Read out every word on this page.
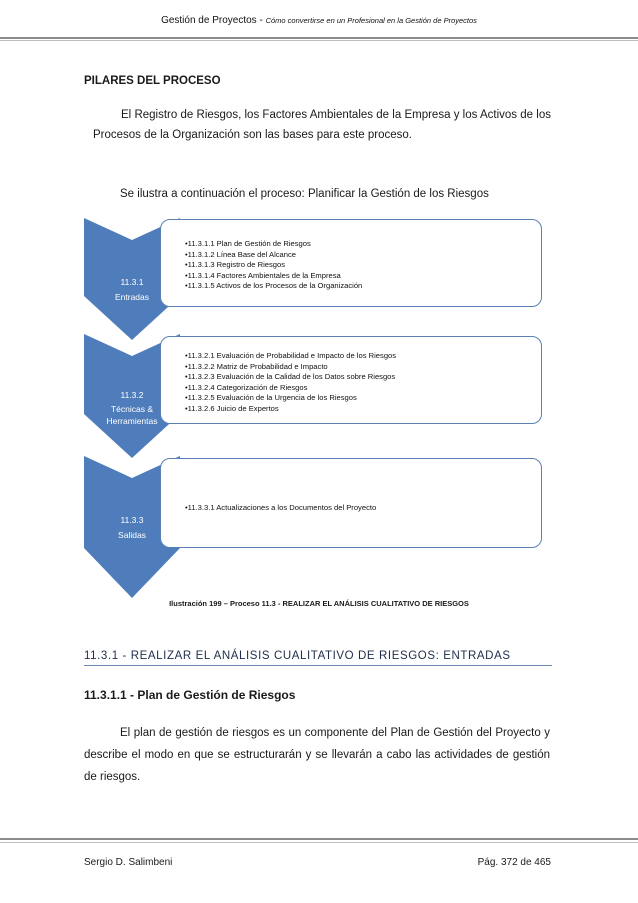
Gestión de Proyectos - Cómo convertirse en un Profesional en la Gestión de Proyectos
PILARES DEL PROCESO
El Registro de Riesgos, los Factores Ambientales de la Empresa y los Activos de los Procesos de la Organización son las bases para este proceso.
Se ilustra a continuación el proceso: Planificar la Gestión de los Riesgos
•11.3.1.1 Plan de Gestión de Riesgos
•11.3.1.2 Línea Base del Alcance
•11.3.1.3 Registro de Riesgos
•11.3.1.4 Factores Ambientales de la Empresa
•11.3.1.5 Activos de los Procesos de la Organización
11.3.1
Entradas
•11.3.2.1 Evaluación de Probabilidad e Impacto de los Riesgos
•11.3.2.2 Matriz de Probabilidad e Impacto
•11.3.2.3 Evaluación de la Calidad de los Datos sobre Riesgos
•11.3.2.4 Categorización de Riesgos
•11.3.2.5 Evaluación de la Urgencia de los Riesgos
•11.3.2.6 Juicio de Expertos
11.3.2
Técnicas & Herramientas
•11.3.3.1 Actualizaciones a los Documentos del Proyecto
11.3.3
Salidas
Ilustración 199 – Proceso 11.3 - REALIZAR EL ANÁLISIS CUALITATIVO DE RIESGOS
11.3.1 - REALIZAR EL ANÁLISIS CUALITATIVO DE RIESGOS: ENTRADAS
11.3.1.1 - Plan de Gestión de Riesgos
El plan de gestión de riesgos es un componente del Plan de Gestión del Proyecto y describe el modo en que se estructurarán y se llevarán a cabo las actividades de gestión de riesgos.
Sergio D. Salimbeni	Pág. 372 de 465
